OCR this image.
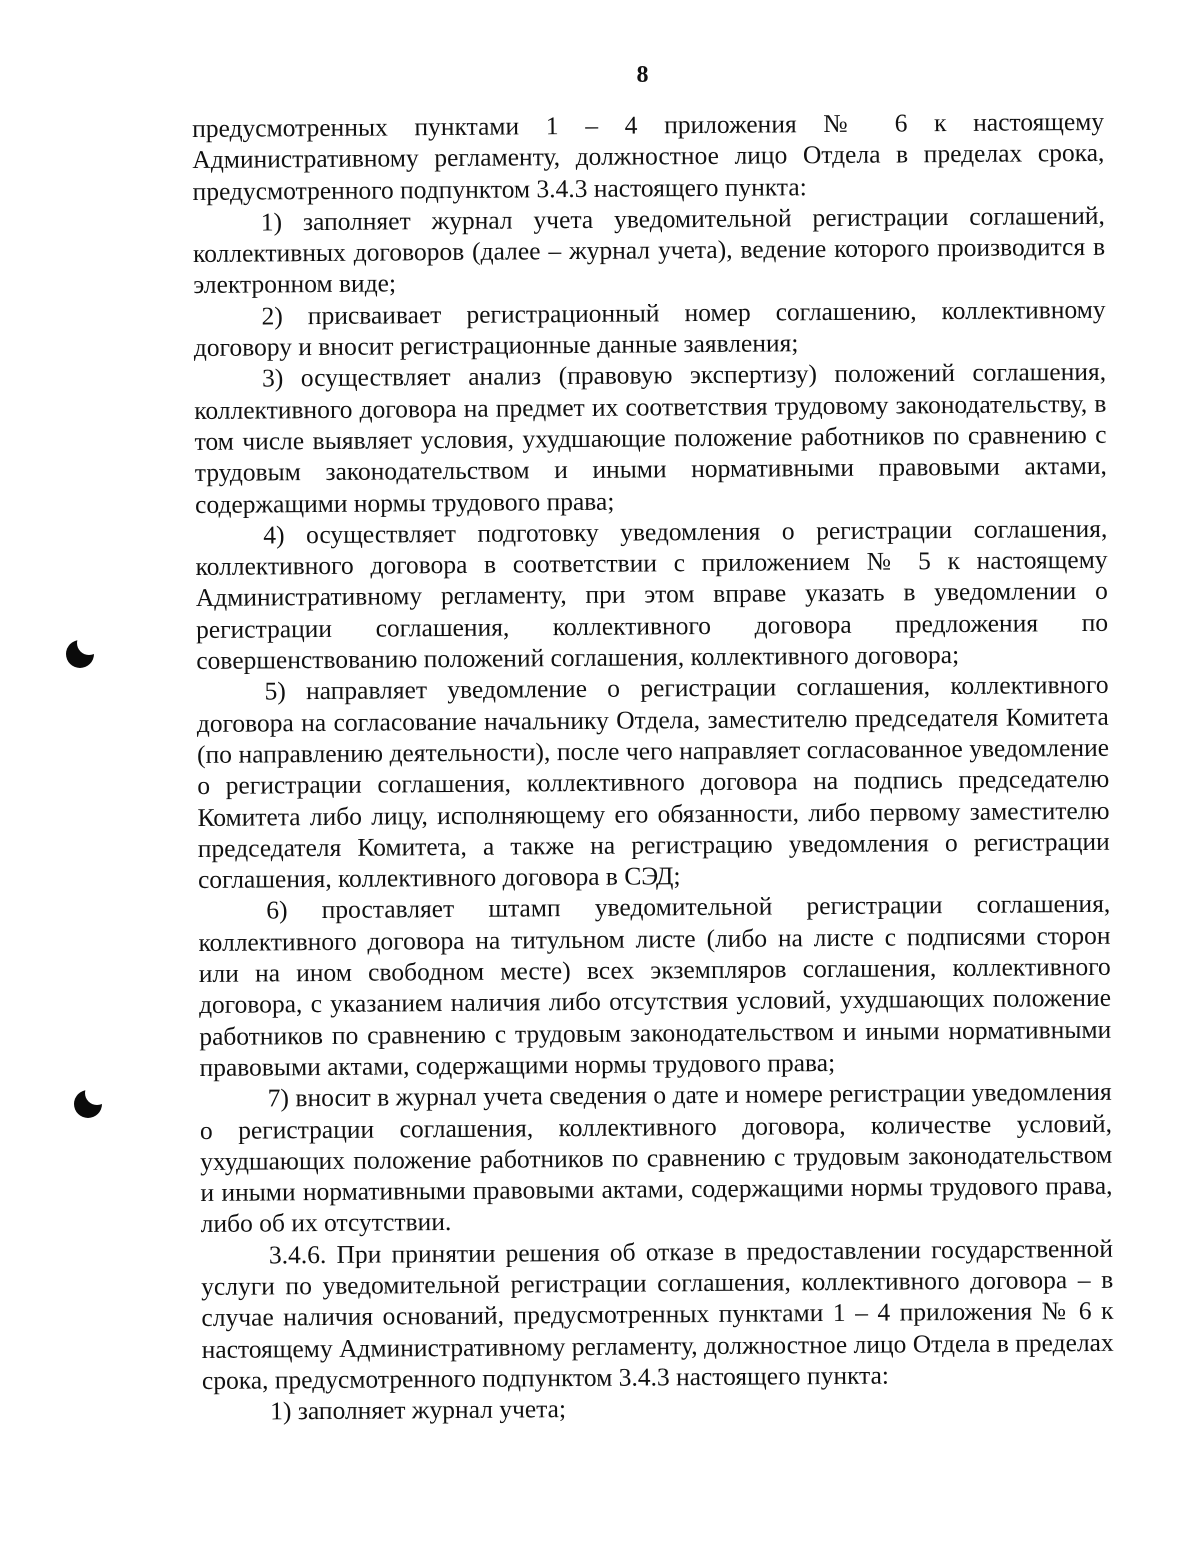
8

предусмотренных пунктами 1 – 4 приложения № 6 к настоящему Административному регламенту, должностное лицо Отдела в пределах срока, предусмотренного подпунктом 3.4.3 настоящего пункта:

1) заполняет журнал учета уведомительной регистрации соглашений, коллективных договоров (далее – журнал учета), ведение которого производится в электронном виде;

2) присваивает регистрационный номер соглашению, коллективному договору и вносит регистрационные данные заявления;

3) осуществляет анализ (правовую экспертизу) положений соглашения, коллективного договора на предмет их соответствия трудовому законодательству, в том числе выявляет условия, ухудшающие положение работников по сравнению с трудовым законодательством и иными нормативными правовыми актами, содержащими нормы трудового права;

4) осуществляет подготовку уведомления о регистрации соглашения, коллективного договора в соответствии с приложением № 5 к настоящему Административному регламенту, при этом вправе указать в уведомлении о регистрации соглашения, коллективного договора предложения по совершенствованию положений соглашения, коллективного договора;

5) направляет уведомление о регистрации соглашения, коллективного договора на согласование начальнику Отдела, заместителю председателя Комитета (по направлению деятельности), после чего направляет согласованное уведомление о регистрации соглашения, коллективного договора на подпись председателю Комитета либо лицу, исполняющему его обязанности, либо первому заместителю председателя Комитета, а также на регистрацию уведомления о регистрации соглашения, коллективного договора в СЭД;

6) проставляет штамп уведомительной регистрации соглашения, коллективного договора на титульном листе (либо на листе с подписями сторон или на ином свободном месте) всех экземпляров соглашения, коллективного договора, с указанием наличия либо отсутствия условий, ухудшающих положение работников по сравнению с трудовым законодательством и иными нормативными правовыми актами, содержащими нормы трудового права;

7) вносит в журнал учета сведения о дате и номере регистрации уведомления о регистрации соглашения, коллективного договора, количестве условий, ухудшающих положение работников по сравнению с трудовым законодательством и иными нормативными правовыми актами, содержащими нормы трудового права, либо об их отсутствии.

3.4.6. При принятии решения об отказе в предоставлении государственной услуги по уведомительной регистрации соглашения, коллективного договора – в случае наличия оснований, предусмотренных пунктами 1 – 4 приложения № 6 к настоящему Административному регламенту, должностное лицо Отдела в пределах срока, предусмотренного подпунктом 3.4.3 настоящего пункта:

1) заполняет журнал учета;
